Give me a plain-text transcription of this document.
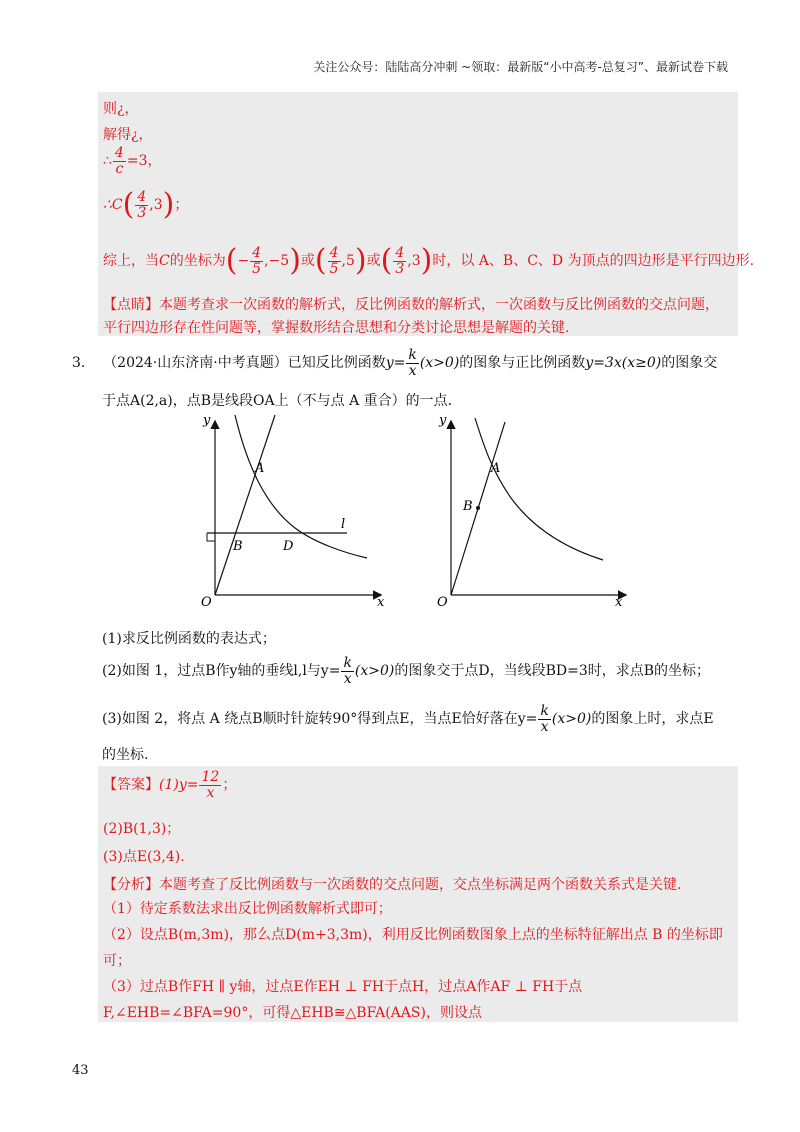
关注公众号：陆陆高分冲刺 ~领取：最新版“小中高考-总复习”、最新试卷下载
则¿，
解得¿，
∴ $\frac{4}{c} =3$，
∴C( $\frac{4}{3} ,3$)；
综上，当C的坐标为(− $\frac{4}{5} ,-5$)或( $\frac{4}{5} ,5$)或( $\frac{4}{3} ,3$)时，以 A、B、C、D 为顶点的四边形是平行四边形.
【点睛】本题考查求一次函数的解析式，反比例函数的解析式，一次函数与反比例函数的交点问题，
平行四边形存在性问题等，掌握数形结合思想和分类讨论思想是解题的关键.
3. （2024·山东济南·中考真题）已知反比例函数$y= \frac{k}{x} (x>0)$的图象与正比例函数y=3x(x≥0)的图象交
于点A(2,a)，点B是线段OA上（不与点 A 重合）的一点.
y
x
O
A
B	D
l
y
x
O
A
B
(1)求反比例函数的表达式；
(2)如图 1，过点B作y轴的垂线l,l与$y= \frac{k}{x} (x>0)$的图象交于点D，当线段BD=3时，求点B的坐标；
(3)如图 2，将点 A 绕点B顺时针旋转90°得到点E，当点E恰好落在$y= \frac{k}{x} (x>0)$的图象上时，求点E
的坐标.
【答案】$(1)y= \frac{12}{x}$ ；
(2)B(1,3)；
(3)点E(3,4).
【分析】本题考查了反比例函数与一次函数的交点问题，交点坐标满足两个函数关系式是关键.
（1）待定系数法求出反比例函数解析式即可；
（2）设点B(m,3m)，那么点D(m+3,3m)，利用反比例函数图象上点的坐标特征解出点 B 的坐标即
可；
（3）过点B作FH ∥ y轴，过点E作EH ⊥ FH于点H，过点A作AF ⊥ FH于点
F,∠EHB=∠BFA=90°，可得△EHB≅△BFA(AAS)，则设点
43
